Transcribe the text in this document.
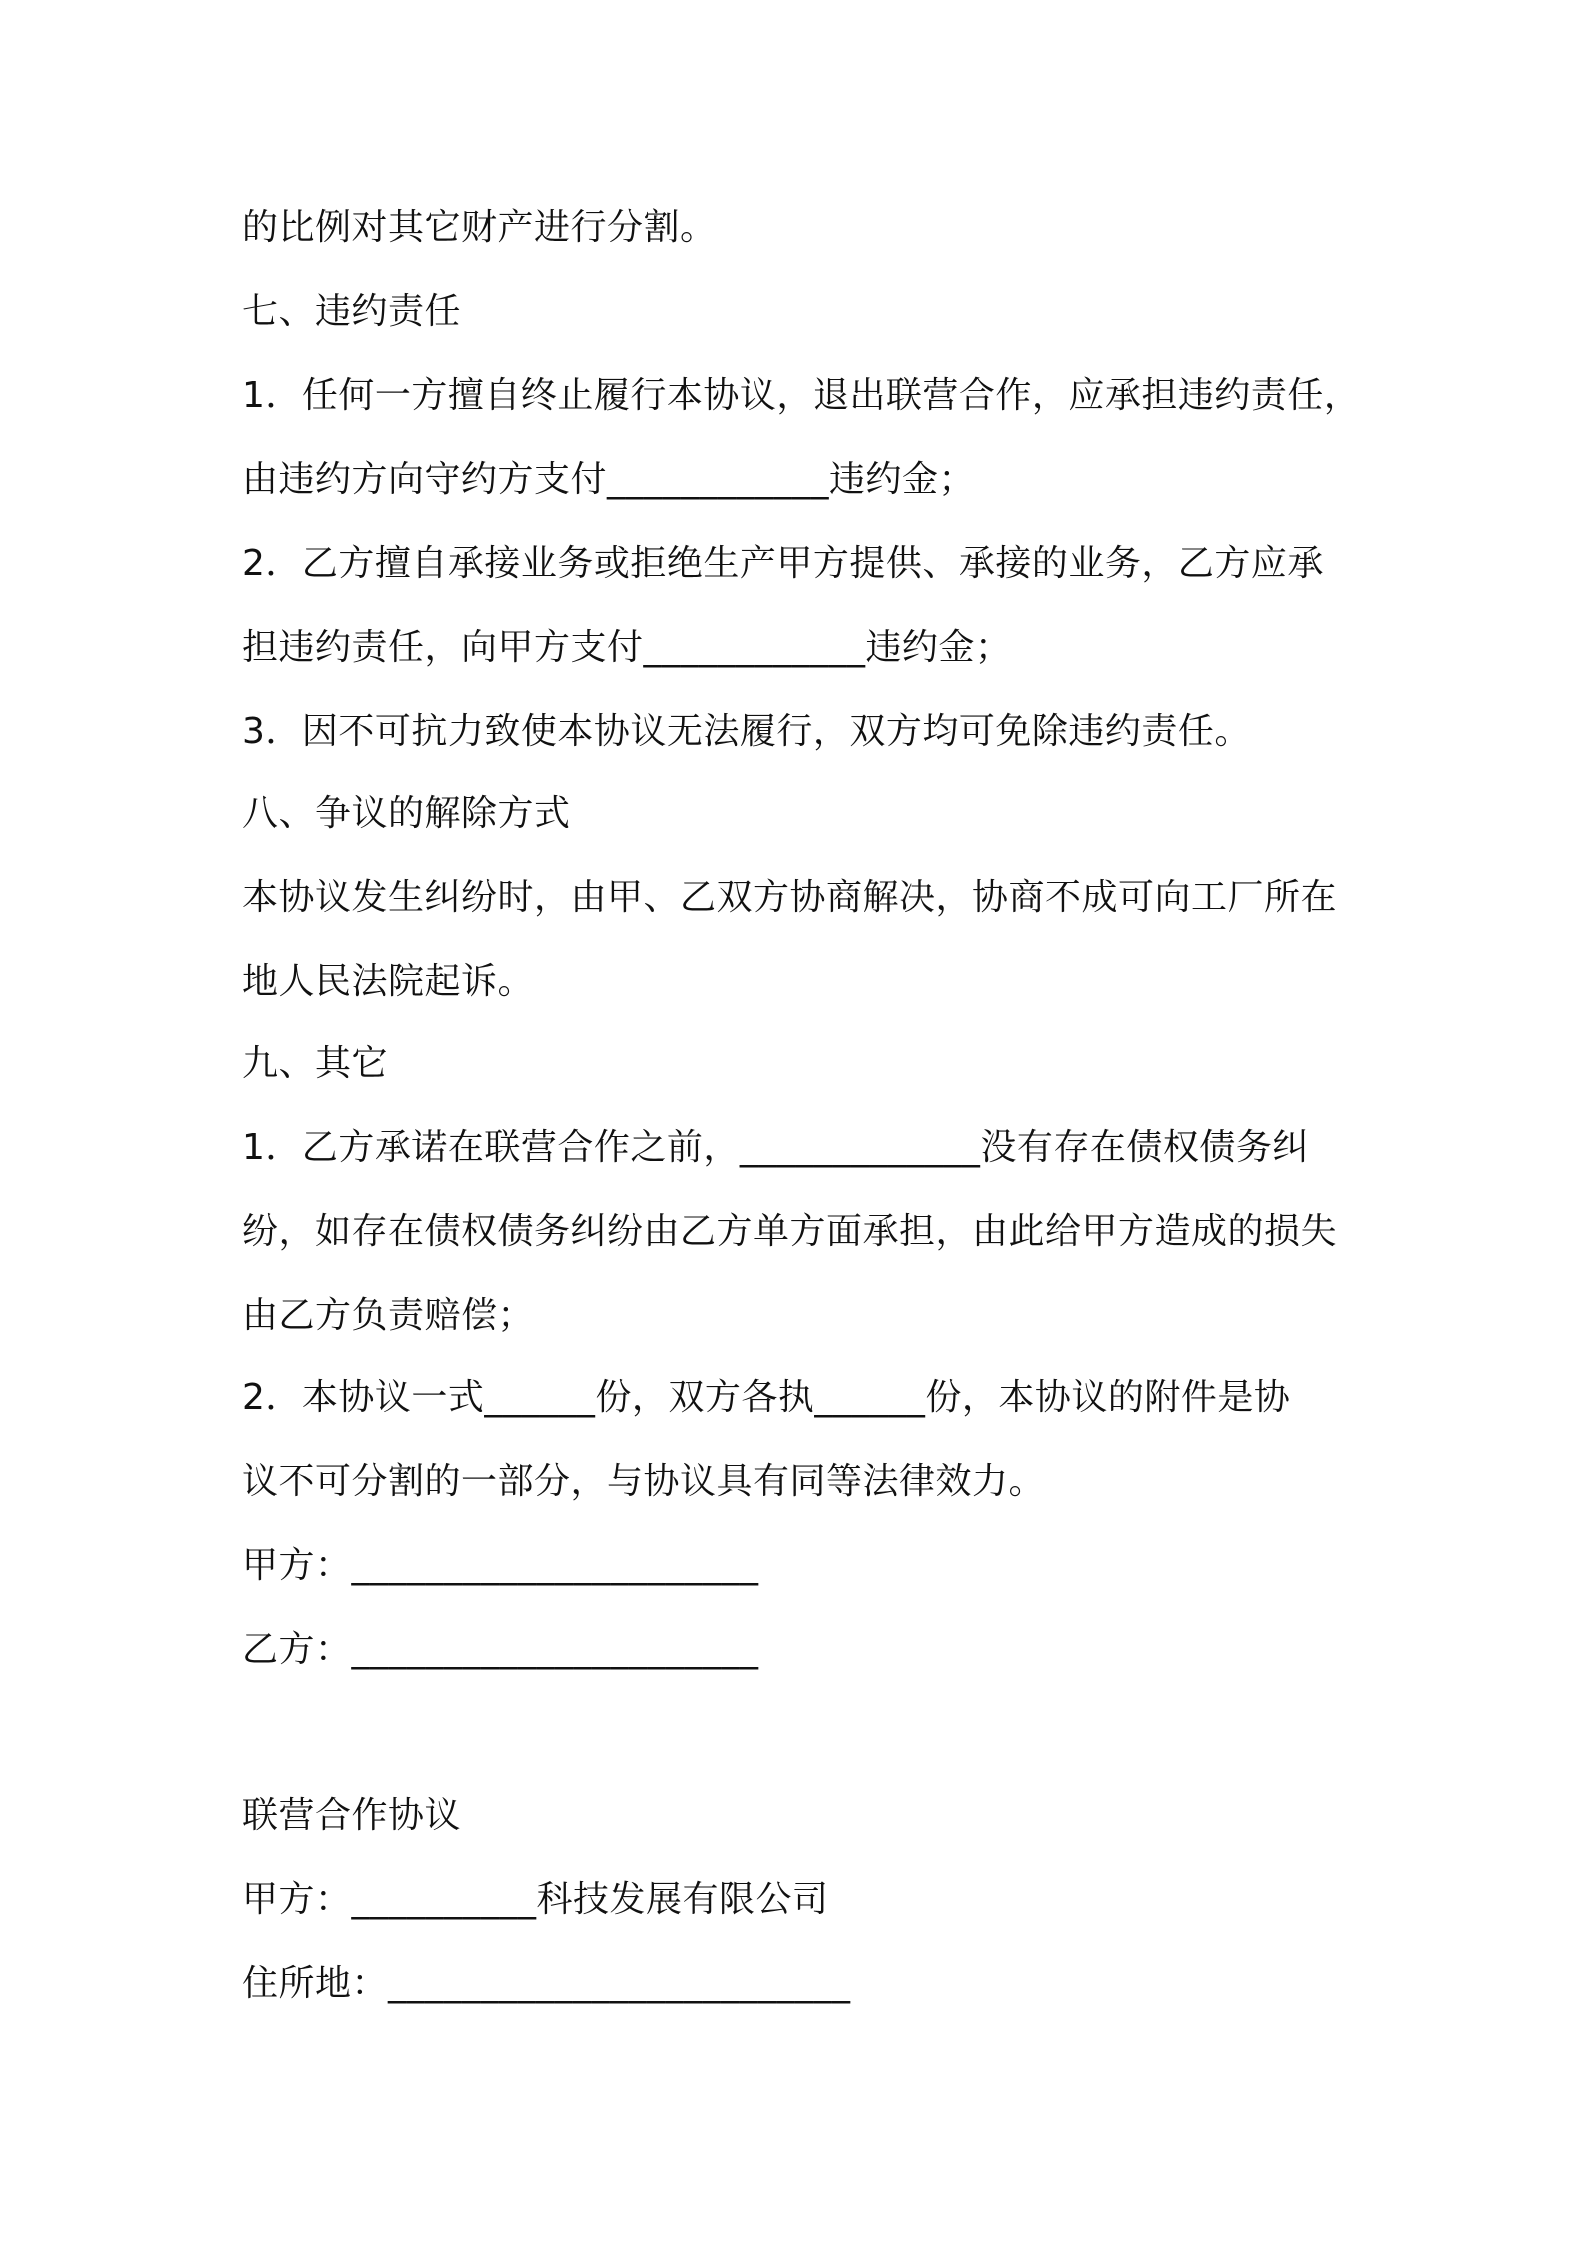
的比例对其它财产进行分割。
七、违约责任
1．任何一方擅自终止履行本协议，退出联营合作，应承担违约责任，
由违约方向守约方支付____________违约金；
2．乙方擅自承接业务或拒绝生产甲方提供、承接的业务，乙方应承
担违约责任，向甲方支付____________违约金；
3．因不可抗力致使本协议无法履行，双方均可免除违约责任。
八、争议的解除方式
本协议发生纠纷时，由甲、乙双方协商解决，协商不成可向工厂所在
地人民法院起诉。
九、其它
1．乙方承诺在联营合作之前，_____________没有存在债权债务纠
纷，如存在债权债务纠纷由乙方单方面承担，由此给甲方造成的损失
由乙方负责赔偿；
2．本协议一式______份，双方各执______份，本协议的附件是协
议不可分割的一部分，与协议具有同等法律效力。
甲方：______________________
乙方：______________________
联营合作协议
甲方：__________科技发展有限公司
住所地：_________________________
